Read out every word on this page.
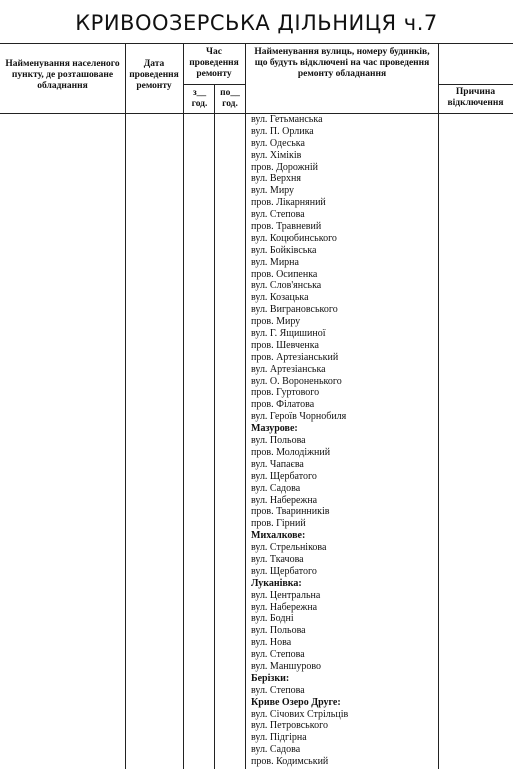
КРИВООЗЕРСЬКА ДІЛЬНИЦЯ ч.7
Найменування населеного пункту, де розташоване обладнання
Дата проведення ремонту
Час проведення ремонту
з__ год.
по__ год.
Найменування вулиць, номеру будинків, що будуть відключені на час проведення ремонту обладнання
Причина відключення
вул. Гетьманська
вул. П. Орлика
вул. Одеська
вул. Хіміків
пров. Дорожній
вул. Верхня
вул. Миру
пров. Лікарняний
вул. Степова
пров. Травневий
вул. Коцюбинського
вул. Бойківська
вул. Мирна
пров. Осипенка
вул. Слов'янська
вул. Козацька
вул. Виграновського
пров. Миру
вул. Г. Ящишиної
пров. Шевченка
пров. Артезіанський
вул. Артезіанська
вул. О. Вороненького
пров. Гуртового
пров. Філатова
вул. Героїв Чорнобиля
Мазурове:
вул. Польова
пров. Молодіжний
вул. Чапаєва
вул. Щербатого
вул. Садова
вул. Набережна
пров. Тваринників
пров. Гірний
Михалкове:
вул. Стрельнікова
вул. Ткачова
вул. Щербатого
Луканівка:
вул. Центральна
вул. Набережна
вул. Бодні
вул. Польова
вул. Нова
вул. Степова
вул. Маншурово
Берізки:
вул. Степова
Криве Озеро Друге:
вул. Січових Стрільців
вул. Петровського
вул. Підгірна
вул. Садова
пров. Кодимський
